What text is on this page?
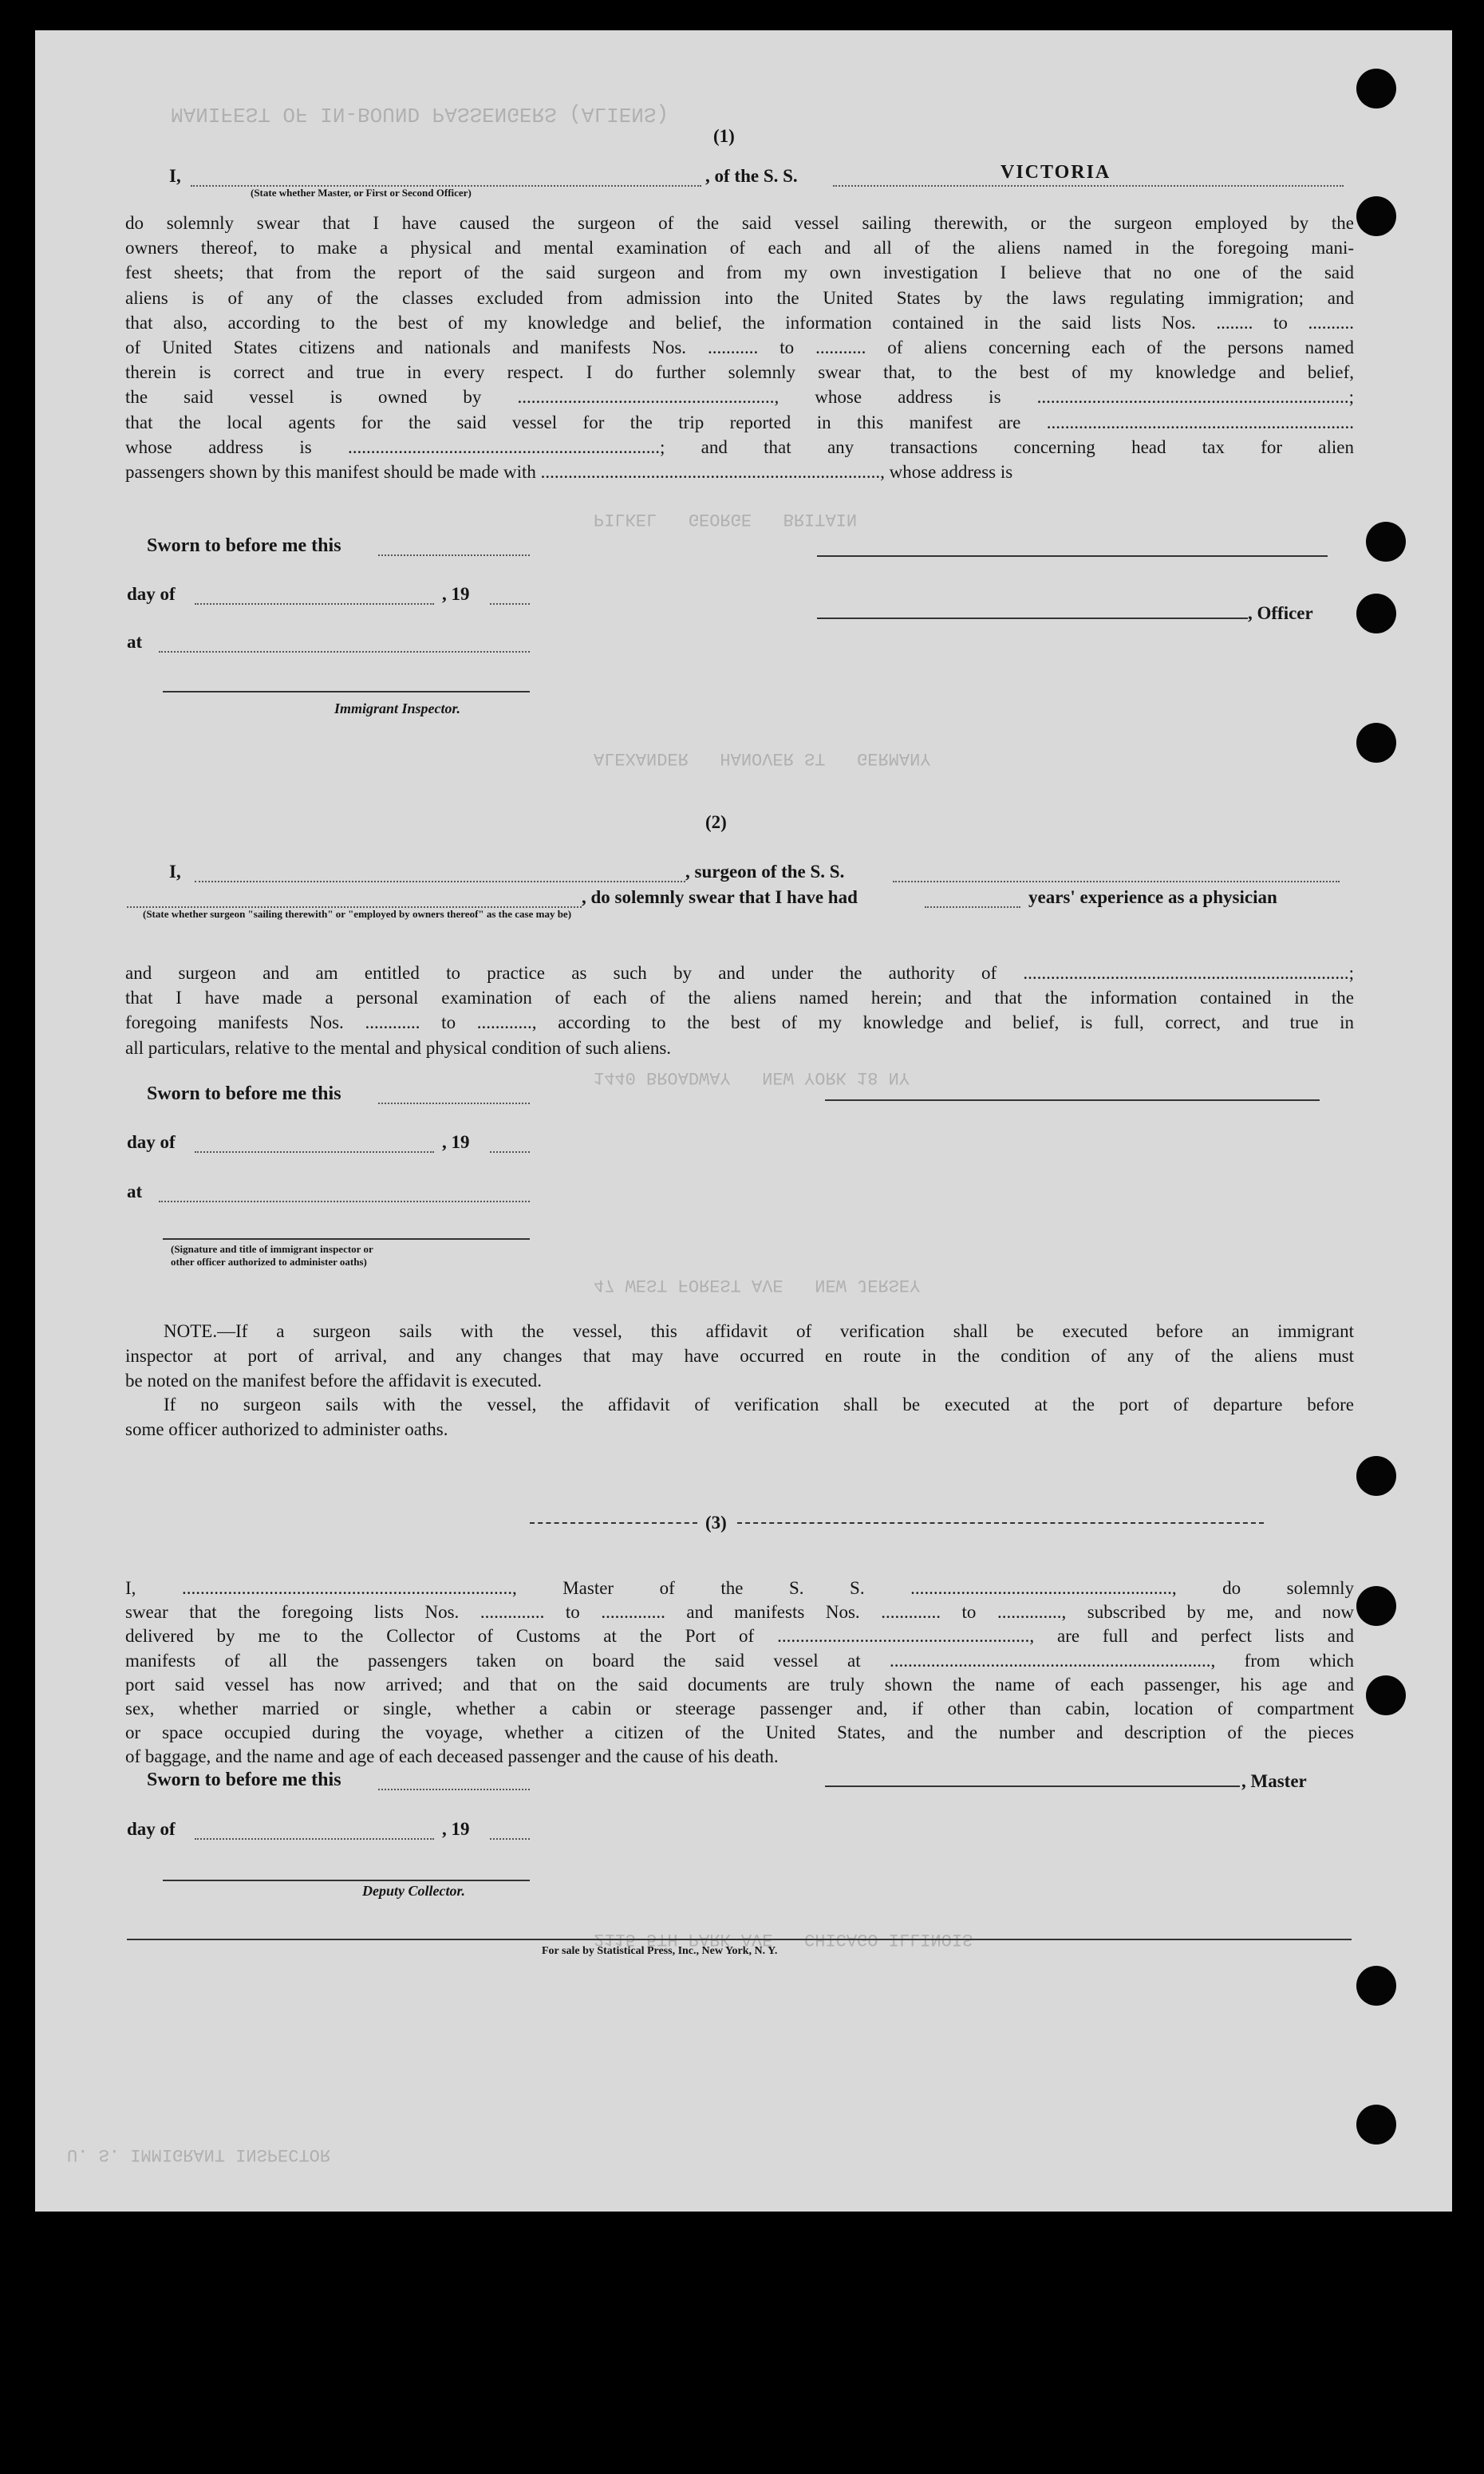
MANIFEST OF IN-BOUND PASSENGERS (ALIENS)
PILKEL   GEORGE   BRITAIN
ALEXANDER   HANOVER ST   GERMANY
1440 BROADWAY   NEW YORK 18 NY
47 WEST FOREST AVE   NEW JERSEY
2115 5TH PARK AVE   CHICAGO ILLINOIS
U. S. IMMIGRANT INSPECTOR
(1)
I,	, of the S. S.	VICTORIA
(State whether Master, or First or Second Officer)
do solemnly swear that I have caused the surgeon of the said vessel sailing therewith, or the surgeon employed by the
owners thereof, to make a physical and mental examination of each and all of the aliens named in the foregoing mani-
fest sheets; that from the report of the said surgeon and from my own investigation I believe that no one of the said
aliens is of any of the classes excluded from admission into the United States by the laws regulating immigration; and
that also, according to the best of my knowledge and belief, the information contained in the said lists Nos. ........ to ..........
of United States citizens and nationals and manifests Nos. ........... to ........... of aliens concerning each of the persons named
therein is correct and true in every respect. I do further solemnly swear that, to the best of my knowledge and belief,
the said vessel is owned by ........................................................, whose address is ....................................................................;
that the local agents for the said vessel for the trip reported in this manifest are ...................................................................
whose address is ....................................................................; and that any transactions concerning head tax for alien
passengers shown by this manifest should be made with .........................................................................., whose address is
Sworn to before me this
day of	, 19
at
Immigrant Inspector.
, Officer
(2)
I,	, surgeon of the S. S.
, do solemnly swear that I have had	years' experience as a physician
(State whether surgeon "sailing therewith" or "employed by owners thereof" as the case may be)
and surgeon and am entitled to practice as such by and under the authority of .......................................................................;
that I have made a personal examination of each of the aliens named herein; and that the information contained in the
foregoing manifests Nos. ............ to ............, according to the best of my knowledge and belief, is full, correct, and true in
all particulars, relative to the mental and physical condition of such aliens.
Sworn to before me this
day of	, 19
at
(Signature and title of immigrant inspector or
other officer authorized to administer oaths)
NOTE.—If a surgeon sails with the vessel, this affidavit of verification shall be executed before an immigrant
inspector at port of arrival, and any changes that may have occurred en route in the condition of any of the aliens must
be noted on the manifest before the affidavit is executed.
If no surgeon sails with the vessel, the affidavit of verification shall be executed at the port of departure before
some officer authorized to administer oaths.
(3)
I, ........................................................................, Master of the S. S. ........................................................., do solemnly
swear that the foregoing lists Nos. .............. to .............. and manifests Nos. ............. to .............., subscribed by me, and now
delivered by me to the Collector of Customs at the Port of ......................................................., are full and perfect lists and
manifests of all the passengers taken on board the said vessel at ......................................................................, from which
port said vessel has now arrived; and that on the said documents are truly shown the name of each passenger, his age and
sex, whether married or single, whether a cabin or steerage passenger and, if other than cabin, location of compartment
or space occupied during the voyage, whether a citizen of the United States, and the number and description of the pieces
of baggage, and the name and age of each deceased passenger and the cause of his death.
Sworn to before me this	, Master
day of	, 19
Deputy Collector.
For sale by Statistical Press, Inc., New York, N. Y.
